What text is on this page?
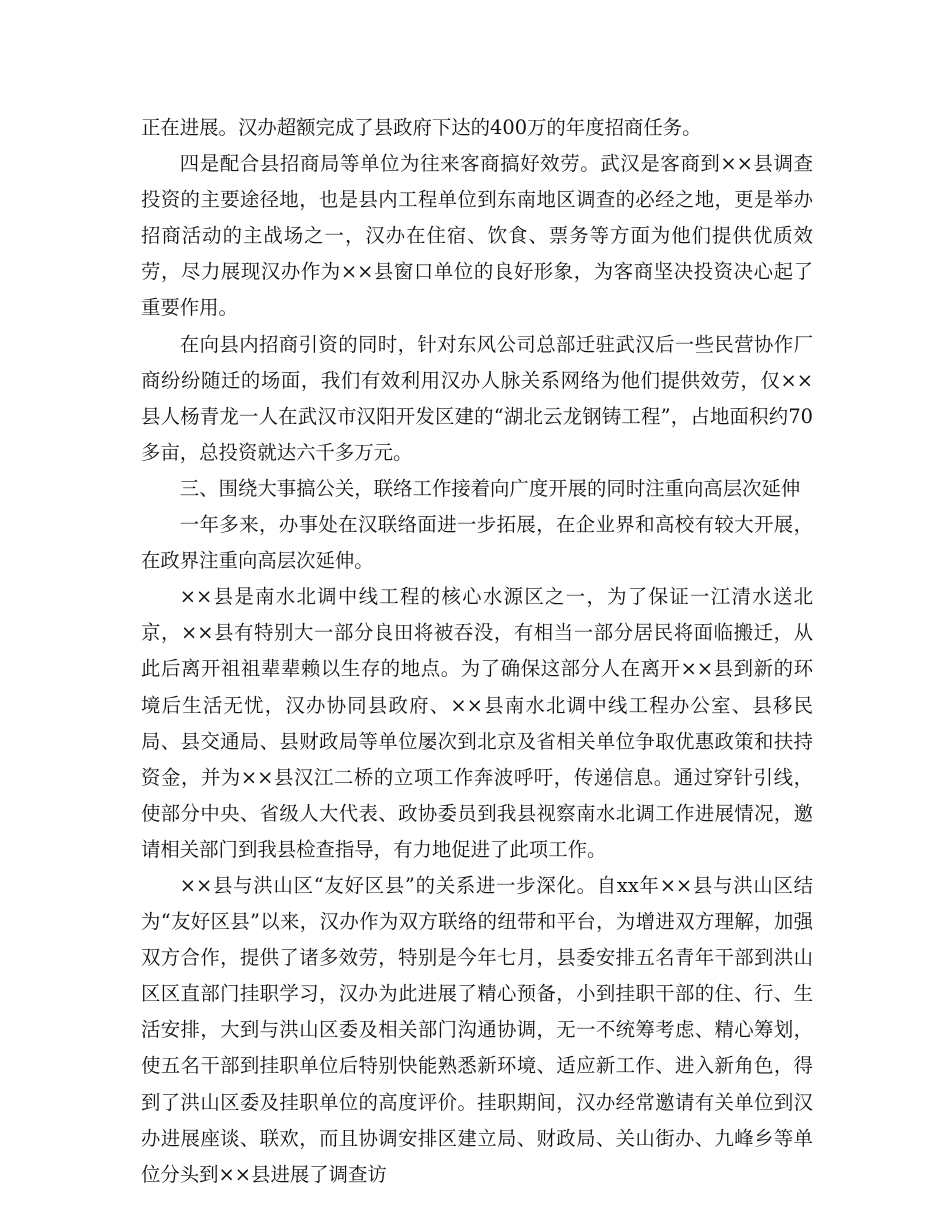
正在进展。汉办超额完成了县政府下达的400万的年度招商任务。

四是配合县招商局等单位为往来客商搞好效劳。武汉是客商到××县调查投资的主要途径地，也是县内工程单位到东南地区调查的必经之地，更是举办招商活动的主战场之一，汉办在住宿、饮食、票务等方面为他们提供优质效劳，尽力展现汉办作为××县窗口单位的良好形象，为客商坚决投资决心起了重要作用。

在向县内招商引资的同时，针对东风公司总部迁驻武汉后一些民营协作厂商纷纷随迁的场面，我们有效利用汉办人脉关系网络为他们提供效劳，仅××县人杨青龙一人在武汉市汉阳开发区建的“湖北云龙钢铸工程”，占地面积约70多亩，总投资就达六千多万元。

三、围绕大事搞公关，联络工作接着向广度开展的同时注重向高层次延伸

一年多来，办事处在汉联络面进一步拓展，在企业界和高校有较大开展，在政界注重向高层次延伸。

××县是南水北调中线工程的核心水源区之一，为了保证一江清水送北京，××县有特别大一部分良田将被吞没，有相当一部分居民将面临搬迁，从此后离开祖祖辈辈赖以生存的地点。为了确保这部分人在离开××县到新的环境后生活无忧，汉办协同县政府、××县南水北调中线工程办公室、县移民局、县交通局、县财政局等单位屡次到北京及省相关单位争取优惠政策和扶持资金，并为××县汉江二桥的立项工作奔波呼吁，传递信息。通过穿针引线，使部分中央、省级人大代表、政协委员到我县视察南水北调工作进展情况，邀请相关部门到我县检查指导，有力地促进了此项工作。

××县与洪山区“友好区县”的关系进一步深化。自xx年××县与洪山区结为“友好区县”以来，汉办作为双方联络的纽带和平台，为增进双方理解，加强双方合作，提供了诸多效劳，特别是今年七月，县委安排五名青年干部到洪山区区直部门挂职学习，汉办为此进展了精心预备，小到挂职干部的住、行、生活安排，大到与洪山区委及相关部门沟通协调，无一不统筹考虑、精心筹划，使五名干部到挂职单位后特别快能熟悉新环境、适应新工作、进入新角色，得到了洪山区委及挂职单位的高度评价。挂职期间，汉办经常邀请有关单位到汉办进展座谈、联欢，而且协调安排区建立局、财政局、关山街办、九峰乡等单位分头到××县进展了调查访
